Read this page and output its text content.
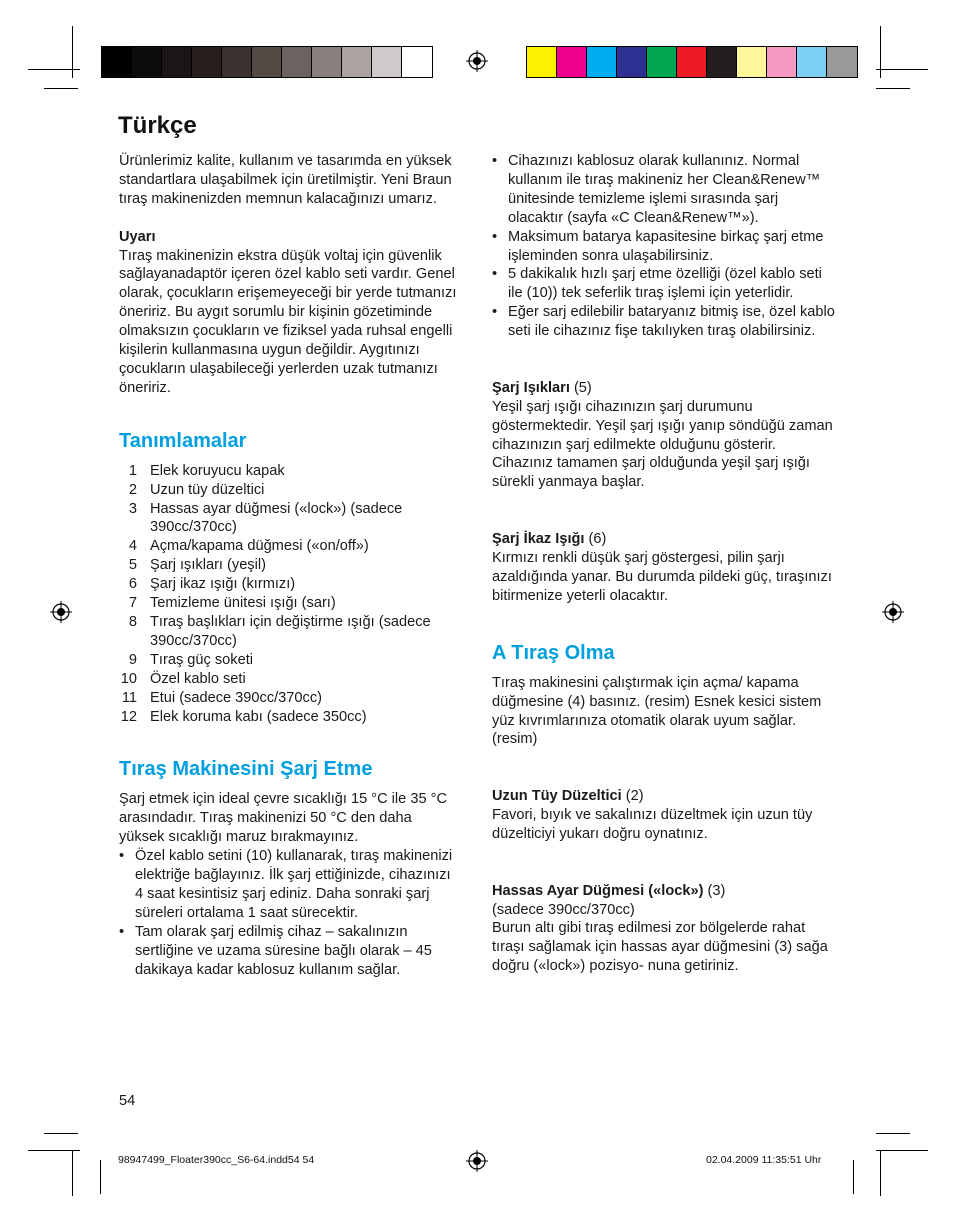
Türkçe

Ürünlerimiz kalite, kullanım ve tasarımda en yüksek standartlara ulaşabilmek için üretilmiştir. Yeni Braun tıraş makinenizden memnun kalacağınızı umarız.

Uyarı

Tıraş makinenizin ekstra düşük voltaj için güvenlik sağlayanadaptör içeren özel kablo seti vardır. Genel olarak, çocukların erişemeyeceği bir yerde tutmanızı öneririz. Bu aygıt sorumlu bir kişinin gözetiminde olmaksızın çocukların ve fiziksel yada ruhsal engelli kişilerin kullanmasına uygun değildir. Aygıtınızı çocukların ulaşabileceği yerlerden uzak tutmanızı öneririz.

Tanımlamalar
1 Elek koruyucu kapak
2 Uzun tüy düzeltici
3 Hassas ayar düğmesi («lock») (sadece 390cc/370cc)
4 Açma/kapama düğmesi («on/off»)
5 Şarj ışıkları (yeşil)
6 Şarj ikaz ışığı (kırmızı)
7 Temizleme ünitesi ışığı (sarı)
8 Tıraş başlıkları için değiştirme ışığı (sadece 390cc/370cc)
9 Tıraş güç soketi
10 Özel kablo seti
11 Etui (sadece 390cc/370cc)
12 Elek koruma kabı (sadece 350cc)
Tıraş Makinesini Şarj Etme

Şarj etmek için ideal çevre sıcaklığı 15 °C ile 35 °C arasındadır. Tıraş makinenizi 50 °C den daha yüksek sıcaklığı maruz bırakmayınız.

• Özel kablo setini (10) kullanarak, tıraş makinenizi elektriğe bağlayınız. İlk şarj ettiğinizde, cihazınızı 4 saat kesintisiz şarj ediniz. Daha sonraki şarj süreleri ortalama 1 saat sürecektir.
• Tam olarak şarj edilmiş cihaz – sakalınızın sertliğine ve uzama süresine bağlı olarak – 45 dakikaya kadar kablosuz kullanım sağlar.
54
• Cihazınızı kablosuz olarak kullanınız. Normal kullanım ile tıraş makineniz her Clean&Renew™ ünitesinde temizleme işlemi sırasında şarj olacaktır (sayfa «C Clean&Renew™»).
• Maksimum batarya kapasitesine birkaç şarj etme işleminden sonra ulaşabilirsiniz.
• 5 dakikalık hızlı şarj etme özelliği (özel kablo seti ile (10)) tek seferlik tıraş işlemi için yeterlidir.
• Eğer sarj edilebilir bataryanız bitmiş ise, özel kablo seti ile cihazınız fişe takılıyken tıraş olabilirsiniz.

Şarj Işıkları (5)

Yeşil şarj ışığı cihazınızın şarj durumunu göstermektedir. Yeşil şarj ışığı yanıp söndüğü zaman cihazınızın şarj edilmekte olduğunu gösterir. Cihazınız tamamen şarj olduğunda yeşil şarj ışığı sürekli yanmaya başlar.

Şarj İkaz Işığı (6)

Kırmızı renkli düşük şarj göstergesi, pilin şarjı azaldığında yanar. Bu durumda pildeki güç, tıraşınızı bitirmenize yeterli olacaktır.

A Tıraş Olma

Tıraş makinesini çalıştırmak için açma/ kapama düğmesine (4) basınız. (resim) Esnek kesici sistem yüz kıvrımlarınıza otomatik olarak uyum sağlar. (resim)

Uzun Tüy Düzeltici (2)

Favori, bıyık ve sakalınızı düzeltmek için uzun tüy düzelticiyi yukarı doğru oynatınız.

Hassas Ayar Düğmesi («lock») (3)

(sadece 390cc/370cc)

Burun altı gibi tıraş edilmesi zor bölgelerde rahat tıraşı sağlamak için hassas ayar düğmesini (3) sağa doğru («lock») pozisyo- nuna getiriniz.

98947499_Floater390cc_S6-64.indd54 54	02.04.2009 11:35:51 Uhr
